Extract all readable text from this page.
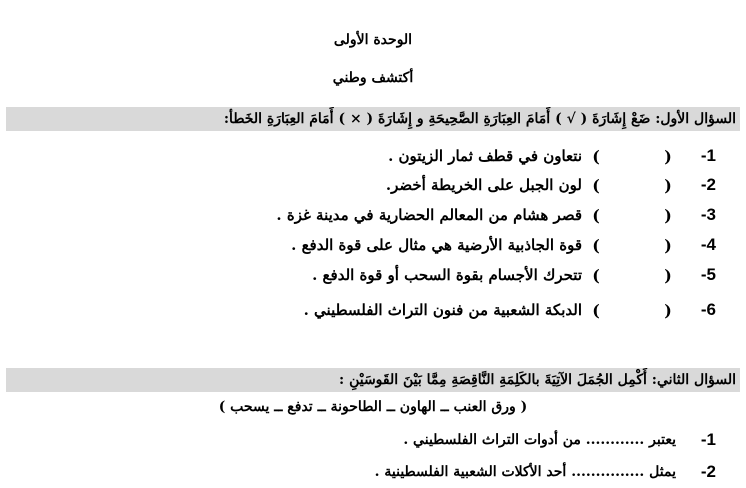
الوحدة الأولى
أكتشف وطني
السؤال الأول: ضَعْ إِشَارَةَ ( √ ) أَمَامَ العِبَارَةِ الصَّحِيحَةِ و إِشَارَةَ ( × ) أَمَامَ العِبَارَةِ الخَطأ:
1-
(
)
نتعاون في قطف ثمار الزيتون .
2-
(
)
لون الجبل على الخريطة أخضر.
3-
(
)
قصر هشام من المعالم الحضارية في مدينة غزة .
4-
(
)
قوة الجاذبية الأرضية هي مثال على قوة الدفع .
5-
(
)
تتحرك الأجسام بقوة السحب أو قوة الدفع .
6-
(
)
الدبكة الشعبية من فنون التراث الفلسطيني .
السؤال الثاني: أَكْمِل الجُمَلَ الآتِيَةَ بالكَلِمَةِ النَّاقِصَةِ مِمَّا بَيْنَ القَوسَيْنِ :
( ورق العنب ــ الهاون ــ الطاحونة ــ تدفع ــ يسحب )
1-
يعتبر ............ من أدوات التراث الفلسطيني .
2-
يمثل ............... أحد الأكلات الشعبية الفلسطينية .
